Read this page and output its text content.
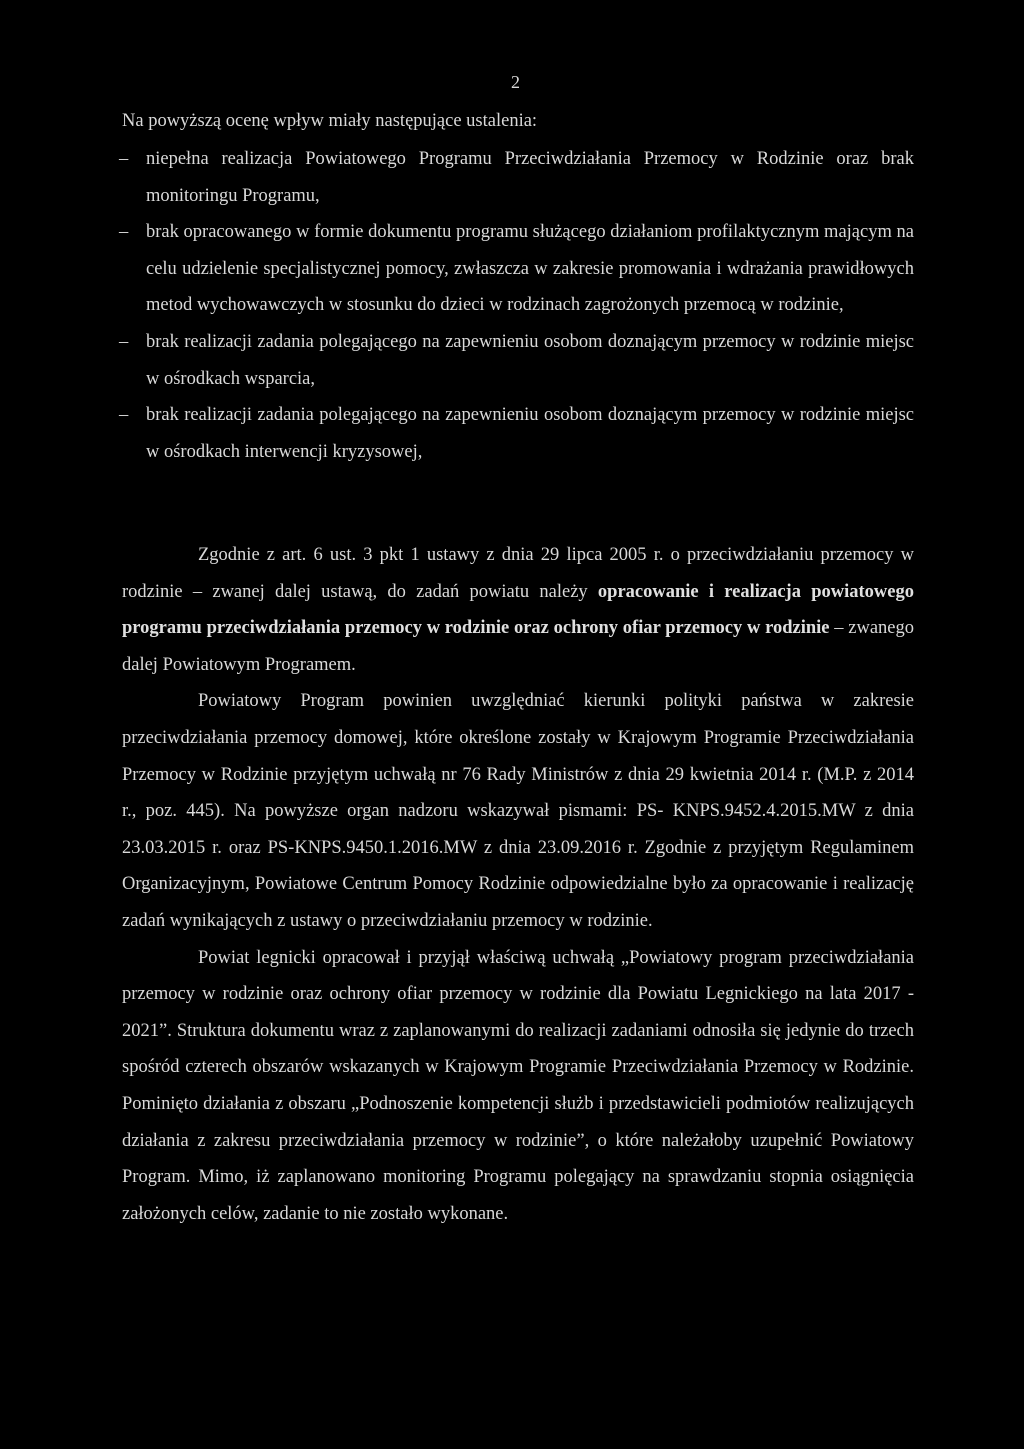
2
Na powyższą ocenę wpływ miały następujące ustalenia:
– niepełna realizacja Powiatowego Programu Przeciwdziałania Przemocy w Rodzinie oraz brak monitoringu Programu,
– brak opracowanego w formie dokumentu programu służącego działaniom profilaktycznym mającym na celu udzielenie specjalistycznej pomocy, zwłaszcza w zakresie promowania i wdrażania prawidłowych metod wychowawczych w stosunku do dzieci w rodzinach zagrożonych przemocą w rodzinie,
– brak realizacji zadania polegającego na zapewnieniu osobom doznającym przemocy w rodzinie miejsc w ośrodkach wsparcia,
– brak realizacji zadania polegającego na zapewnieniu osobom doznającym przemocy w rodzinie miejsc w ośrodkach interwencji kryzysowej,

Zgodnie z art. 6 ust. 3 pkt 1 ustawy z dnia 29 lipca 2005 r. o przeciwdziałaniu przemocy w rodzinie – zwanej dalej ustawą, do zadań powiatu należy opracowanie i realizacja powiatowego programu przeciwdziałania przemocy w rodzinie oraz ochrony ofiar przemocy w rodzinie – zwanego dalej Powiatowym Programem.

Powiatowy Program powinien uwzględniać kierunki polityki państwa w zakresie przeciwdziałania przemocy domowej, które określone zostały w Krajowym Programie Przeciwdziałania Przemocy w Rodzinie przyjętym uchwałą nr 76 Rady Ministrów z dnia 29 kwietnia 2014 r. (M.P. z 2014 r., poz. 445). Na powyższe organ nadzoru wskazywał pismami: PS- KNPS.9452.4.2015.MW z dnia 23.03.2015 r. oraz PS-KNPS.9450.1.2016.MW z dnia 23.09.2016 r. Zgodnie z przyjętym Regulaminem Organizacyjnym, Powiatowe Centrum Pomocy Rodzinie odpowiedzialne było za opracowanie i realizację zadań wynikających z ustawy o przeciwdziałaniu przemocy w rodzinie.

Powiat legnicki opracował i przyjął właściwą uchwałą „Powiatowy program przeciwdziałania przemocy w rodzinie oraz ochrony ofiar przemocy w rodzinie dla Powiatu Legnickiego na lata 2017 - 2021”. Struktura dokumentu wraz z zaplanowanymi do realizacji zadaniami odnosiła się jedynie do trzech spośród czterech obszarów wskazanych w Krajowym Programie Przeciwdziałania Przemocy w Rodzinie. Pominięto działania z obszaru „Podnoszenie kompetencji służb i przedstawicieli podmiotów realizujących działania z zakresu przeciwdziałania przemocy w rodzinie”, o które należałoby uzupełnić Powiatowy Program. Mimo, iż zaplanowano monitoring Programu polegający na sprawdzaniu stopnia osiągnięcia założonych celów, zadanie to nie zostało wykonane.
